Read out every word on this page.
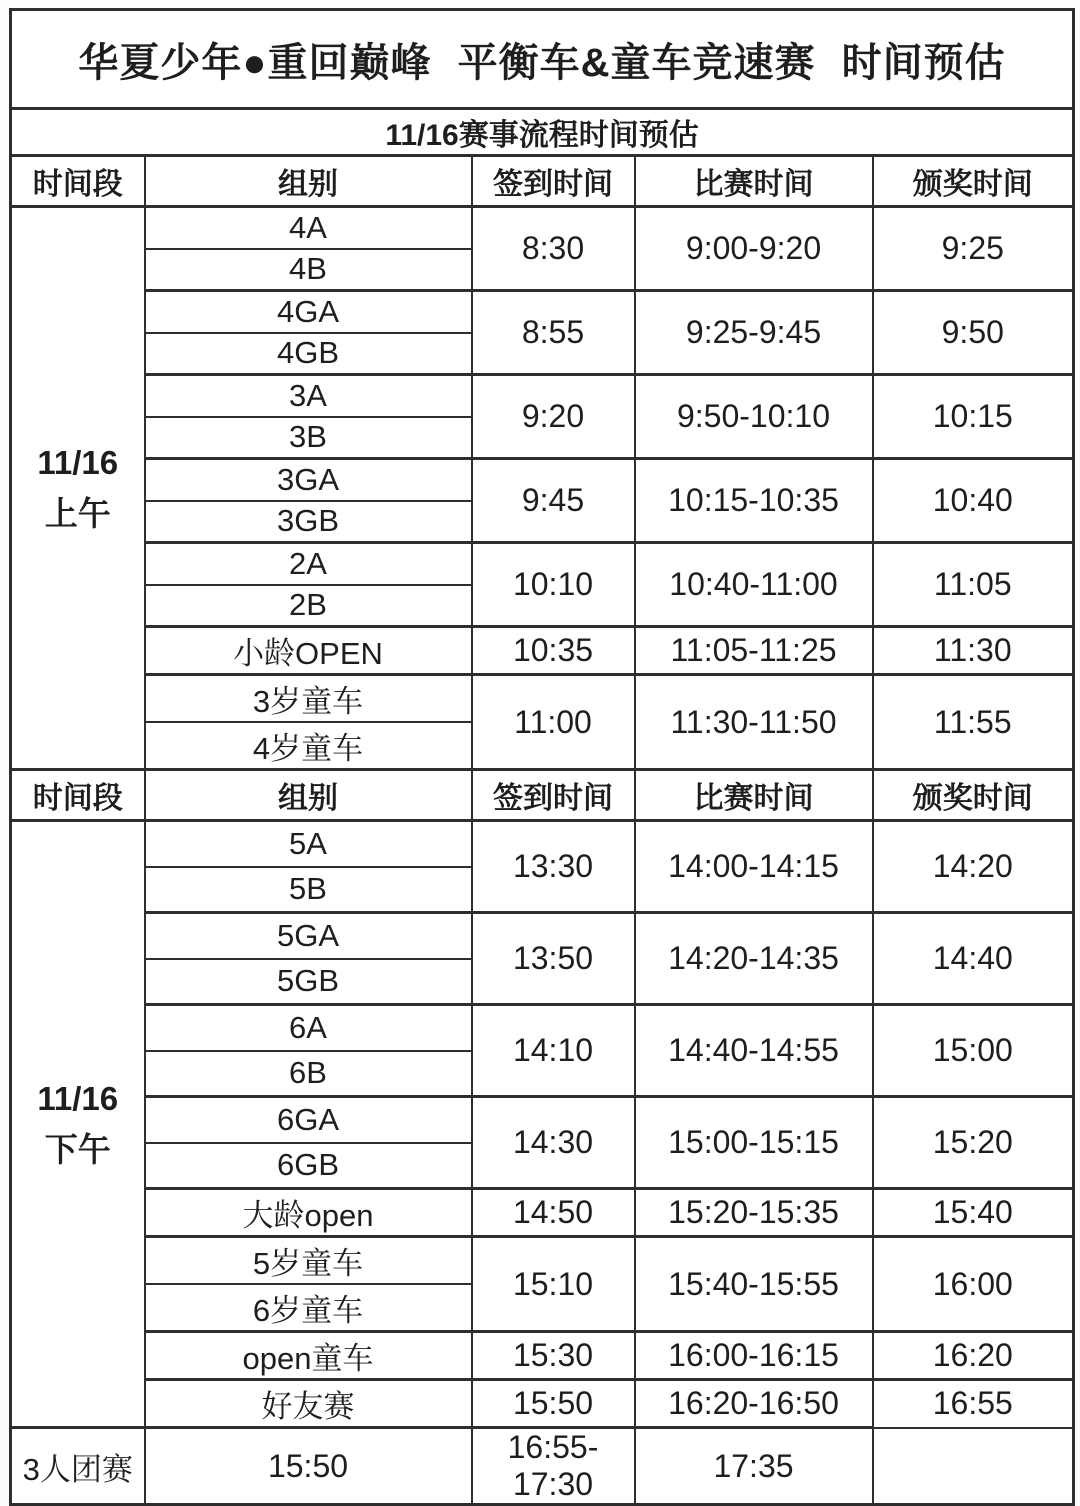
华夏少年●重回巅峰 平衡车&童车竞速赛 时间预估				
11/16赛事流程时间预估				
时间段	组别	签到时间	比赛时间	颁奖时间

11/16
上午	4A	8:30	9:00-9:20	9:25
	4B			
	4GA	8:55	9:25-9:45	9:50
	4GB			
	3A	9:20	9:50-10:10	10:15
	3B			
	3GA	9:45	10:15-10:35	10:40
	3GB			
	2A	10:10	10:40-11:00	11:05
	2B			
	小龄OPEN	10:35	11:05-11:25	11:30
	3岁童车	11:00	11:30-11:50	11:55
	4岁童车			
时间段	组别	签到时间	比赛时间	颁奖时间

11/16
下午	5A	13:30	14:00-14:15	14:20
	5B			
	5GA	13:50	14:20-14:35	14:40
	5GB			
	6A	14:10	14:40-14:55	15:00
	6B			
	6GA	14:30	15:00-15:15	15:20
	6GB			
	大龄open	14:50	15:20-15:35	15:40
	5岁童车	15:10	15:40-15:55	16:00
	6岁童车			
	open童车	15:30	16:00-16:15	16:20
	好友赛	15:50	16:20-16:50	16:55
3人团赛	15:50	16:55-17:30	17:35	
